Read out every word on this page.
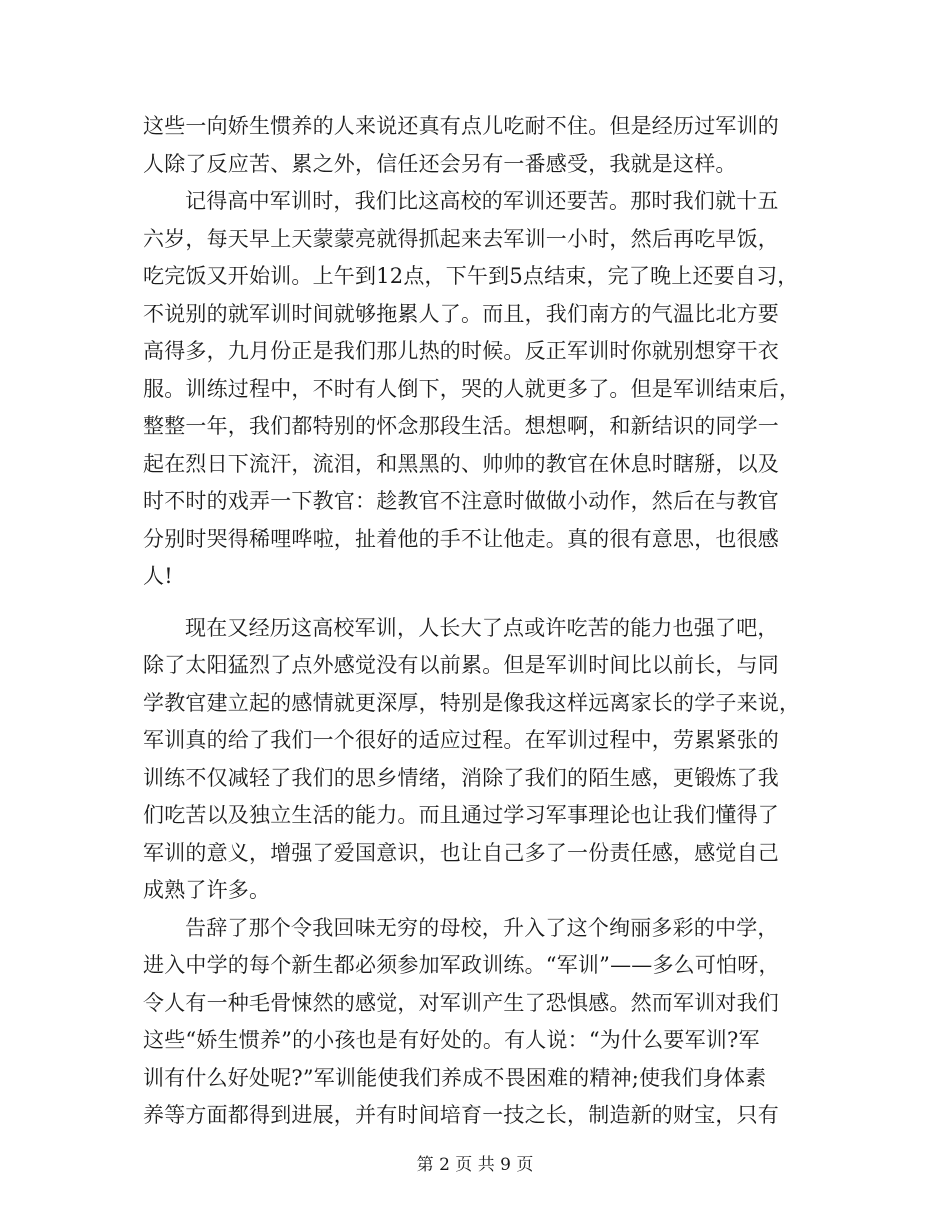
这些一向娇生惯养的人来说还真有点儿吃耐不住。但是经历过军训的
人除了反应苦、累之外，信任还会另有一番感受，我就是这样。
记得高中军训时，我们比这高校的军训还要苦。那时我们就十五
六岁，每天早上天蒙蒙亮就得抓起来去军训一小时，然后再吃早饭，
吃完饭又开始训。上午到12点，下午到5点结束，完了晚上还要自习，
不说别的就军训时间就够拖累人了。而且，我们南方的气温比北方要
高得多，九月份正是我们那儿热的时候。反正军训时你就别想穿干衣
服。训练过程中，不时有人倒下，哭的人就更多了。但是军训结束后，
整整一年，我们都特别的怀念那段生活。想想啊，和新结识的同学一
起在烈日下流汗，流泪，和黑黑的、帅帅的教官在休息时瞎掰，以及
时不时的戏弄一下教官：趁教官不注意时做做小动作，然后在与教官
分别时哭得稀哩哗啦，扯着他的手不让他走。真的很有意思，也很感
人!
现在又经历这高校军训，人长大了点或许吃苦的能力也强了吧，
除了太阳猛烈了点外感觉没有以前累。但是军训时间比以前长，与同
学教官建立起的感情就更深厚，特别是像我这样远离家长的学子来说，
军训真的给了我们一个很好的适应过程。在军训过程中，劳累紧张的
训练不仅减轻了我们的思乡情绪，消除了我们的陌生感，更锻炼了我
们吃苦以及独立生活的能力。而且通过学习军事理论也让我们懂得了
军训的意义，增强了爱国意识，也让自己多了一份责任感，感觉自己
成熟了许多。
告辞了那个令我回味无穷的母校，升入了这个绚丽多彩的中学，
进入中学的每个新生都必须参加军政训练。“军训”——多么可怕呀，
令人有一种毛骨悚然的感觉，对军训产生了恐惧感。然而军训对我们
这些“娇生惯养”的小孩也是有好处的。有人说：“为什么要军训?军
训有什么好处呢?”军训能使我们养成不畏困难的精神;使我们身体素
养等方面都得到进展，并有时间培育一技之长，制造新的财宝，只有
第 2 页 共 9 页
